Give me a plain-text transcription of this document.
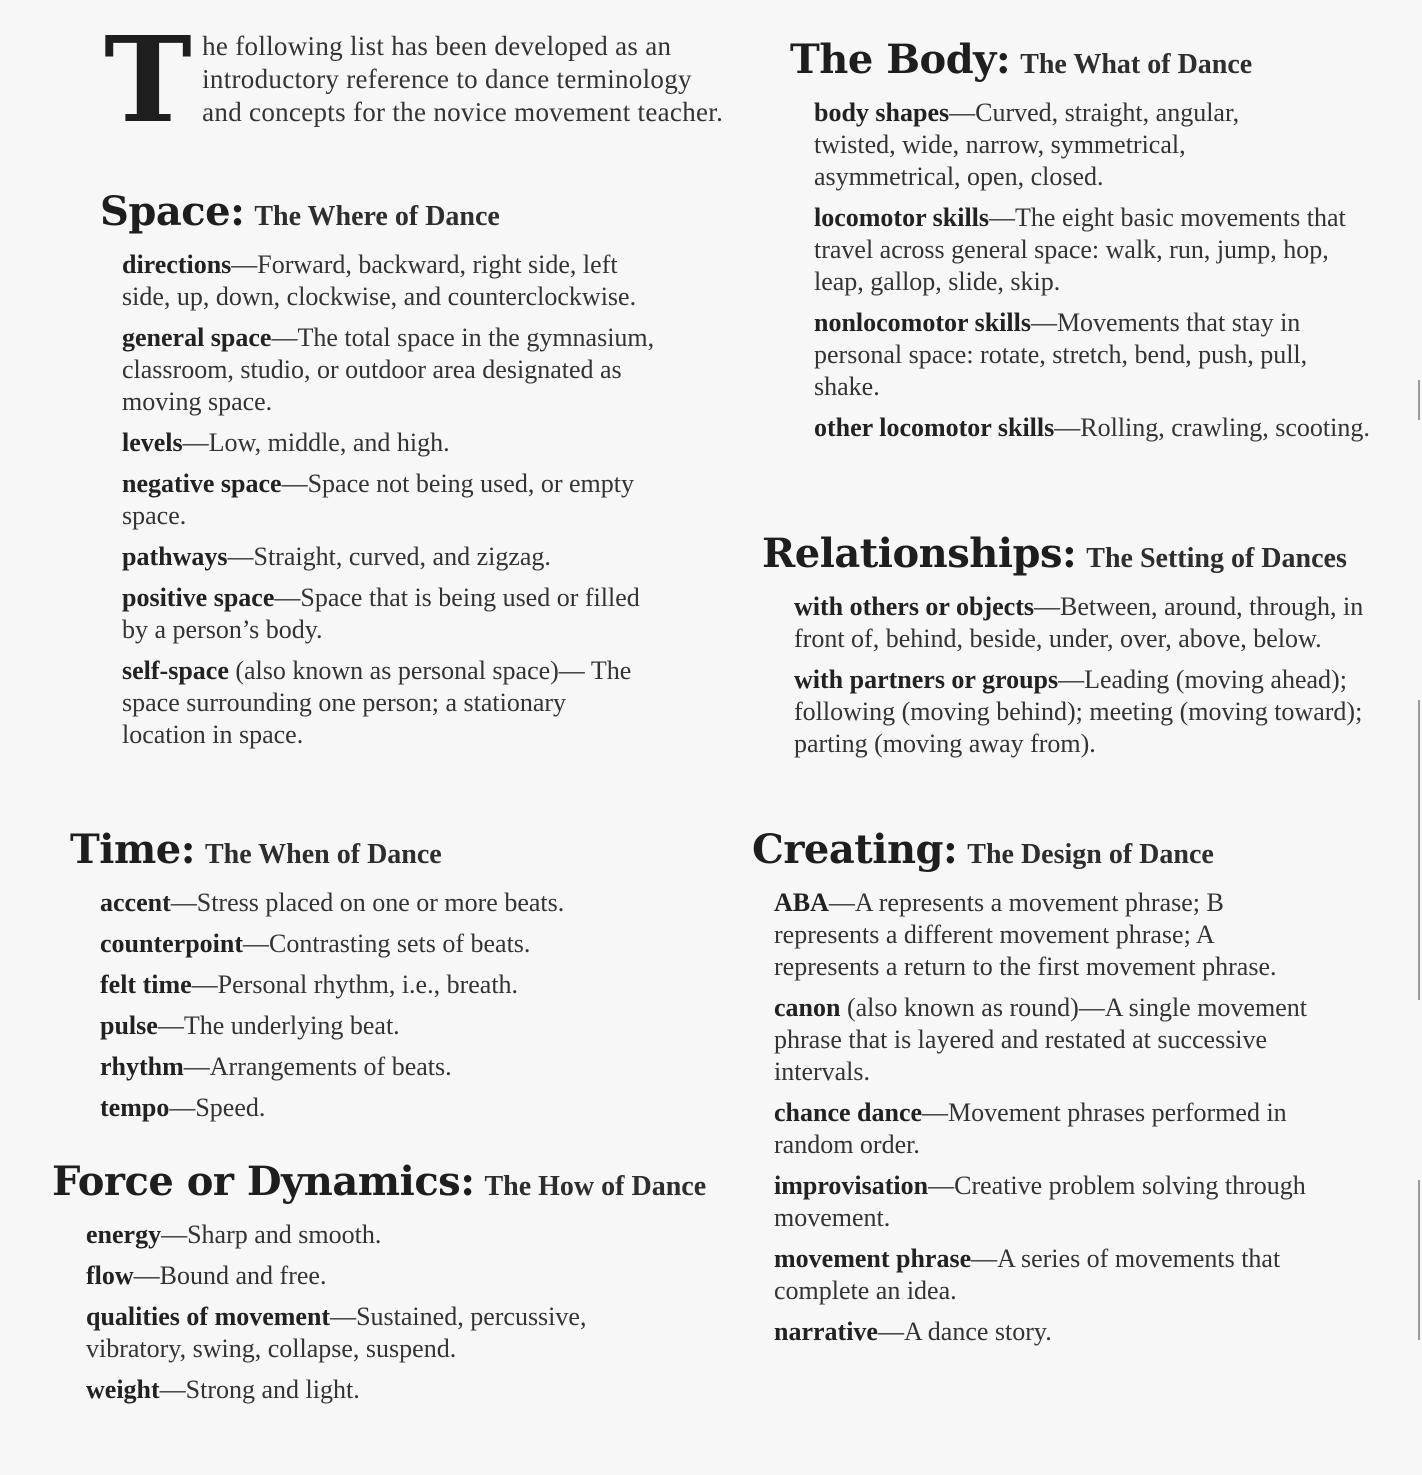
T he following list has been developed as an introductory reference to dance terminology and concepts for the novice movement teacher.
Space: The Where of Dance
directions—Forward, backward, right side, left side, up, down, clockwise, and counterclockwise.
general space—The total space in the gymnasium, classroom, studio, or outdoor area designated as moving space.
levels—Low, middle, and high.
negative space—Space not being used, or empty space.
pathways—Straight, curved, and zigzag.
positive space—Space that is being used or filled by a person’s body.
self-space (also known as personal space)— The space surrounding one person; a stationary location in space.
Time: The When of Dance
accent—Stress placed on one or more beats.
counterpoint—Contrasting sets of beats.
felt time—Personal rhythm, i.e., breath.
pulse—The underlying beat.
rhythm—Arrangements of beats.
tempo—Speed.
Force or Dynamics: The How of Dance
energy—Sharp and smooth.
flow—Bound and free.
qualities of movement—Sustained, percussive, vibratory, swing, collapse, suspend.
weight—Strong and light.
The Body: The What of Dance
body shapes—Curved, straight, angular, twisted, wide, narrow, symmetrical, asymmetrical, open, closed.
locomotor skills—The eight basic movements that travel across general space: walk, run, jump, hop, leap, gallop, slide, skip.
nonlocomotor skills—Movements that stay in personal space: rotate, stretch, bend, push, pull, shake.
other locomotor skills—Rolling, crawling, scooting.
Relationships: The Setting of Dances
with others or objects—Between, around, through, in front of, behind, beside, under, over, above, below.
with partners or groups—Leading (moving ahead); following (moving behind); meeting (moving toward); parting (moving away from).
Creating: The Design of Dance
ABA—A represents a movement phrase; B represents a different movement phrase; A represents a return to the first movement phrase.
canon (also known as round)—A single movement phrase that is layered and restated at successive intervals.
chance dance—Movement phrases performed in random order.
improvisation—Creative problem solving through movement.
movement phrase—A series of movements that complete an idea.
narrative—A dance story.
